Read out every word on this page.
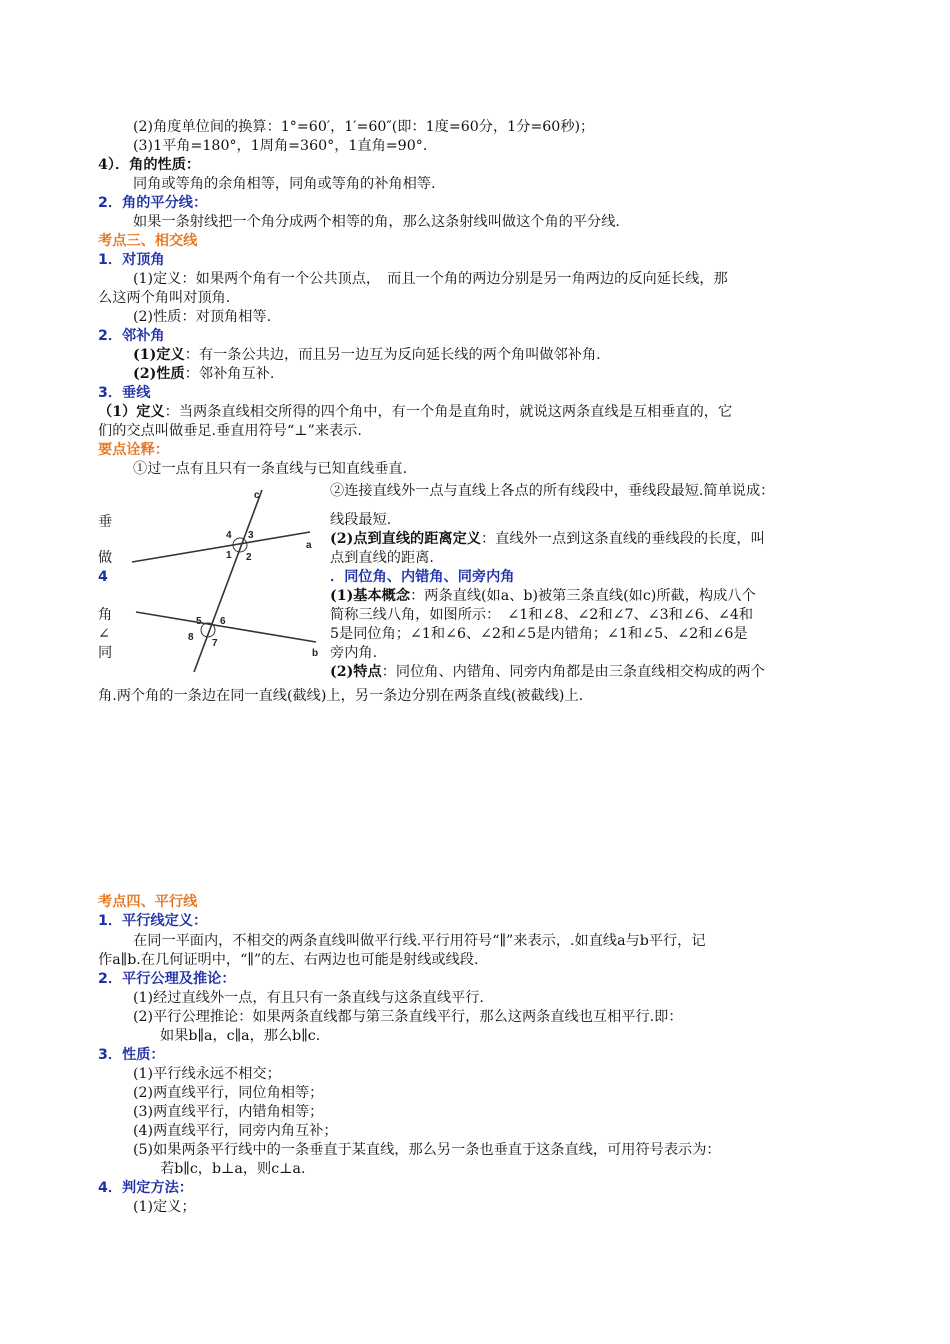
(2)角度单位间的换算：1°=60′，1′=60″(即：1度=60分，1分=60秒)；
(3)1平角=180°，1周角=360°，1直角=90°.
4）．角的性质：
同角或等角的余角相等，同角或等角的补角相等.
2．角的平分线：
如果一条射线把一个角分成两个相等的角，那么这条射线叫做这个角的平分线.
考点三、相交线
1．对顶角
(1)定义：如果两个角有一个公共顶点，　而且一个角的两边分别是另一角两边的反向延长线，那
么这两个角叫对顶角.
(2)性质：对顶角相等.
2．邻补角
(1)定义：有一条公共边，而且另一边互为反向延长线的两个角叫做邻补角.
(2)性质：邻补角互补.
3．垂线
（1）定义：当两条直线相交所得的四个角中，有一个角是直角时，就说这两条直线是互相垂直的，它
们的交点叫做垂足.垂直用符号“⊥”来表示.
要点诠释：
①过一点有且只有一条直线与已知直线垂直.
②连接直线外一点与直线上各点的所有线段中，垂线段最短.简单说成：
线段最短.
(2)点到直线的距离定义：直线外一点到这条直线的垂线段的长度，叫
点到直线的距离.
．同位角、内错角、同旁内角
(1)基本概念：两条直线(如a、b)被第三条直线(如c)所截，构成八个
简称三线八角，如图所示：　∠1和∠8、∠2和∠7、∠3和∠6、∠4和
5是同位角；∠1和∠6、∠2和∠5是内错角；∠1和∠5、∠2和∠6是
旁内角.
(2)特点：同位角、内错角、同旁内角都是由三条直线相交构成的两个
角.两个角的一条边在同一直线(截线)上，另一条边分别在两条直线(被截线)上.
垂
做
4
角
∠
同
c
a
b
1 2
3
4
5 6
7
8
考点四、平行线
1．平行线定义：
在同一平面内，不相交的两条直线叫做平行线.平行用符号“∥”来表示，.如直线a与b平行，记
作a∥b.在几何证明中，“∥”的左、右两边也可能是射线或线段.
2．平行公理及推论：
(1)经过直线外一点，有且只有一条直线与这条直线平行.
(2)平行公理推论：如果两条直线都与第三条直线平行，那么这两条直线也互相平行.即：
如果b∥a，c∥a，那么b∥c.
3．性质：
(1)平行线永远不相交；
(2)两直线平行，同位角相等；
(3)两直线平行，内错角相等；
(4)两直线平行，同旁内角互补；
(5)如果两条平行线中的一条垂直于某直线，那么另一条也垂直于这条直线，可用符号表示为：
若b∥c，b⊥a，则c⊥a.
4．判定方法：
(1)定义；
